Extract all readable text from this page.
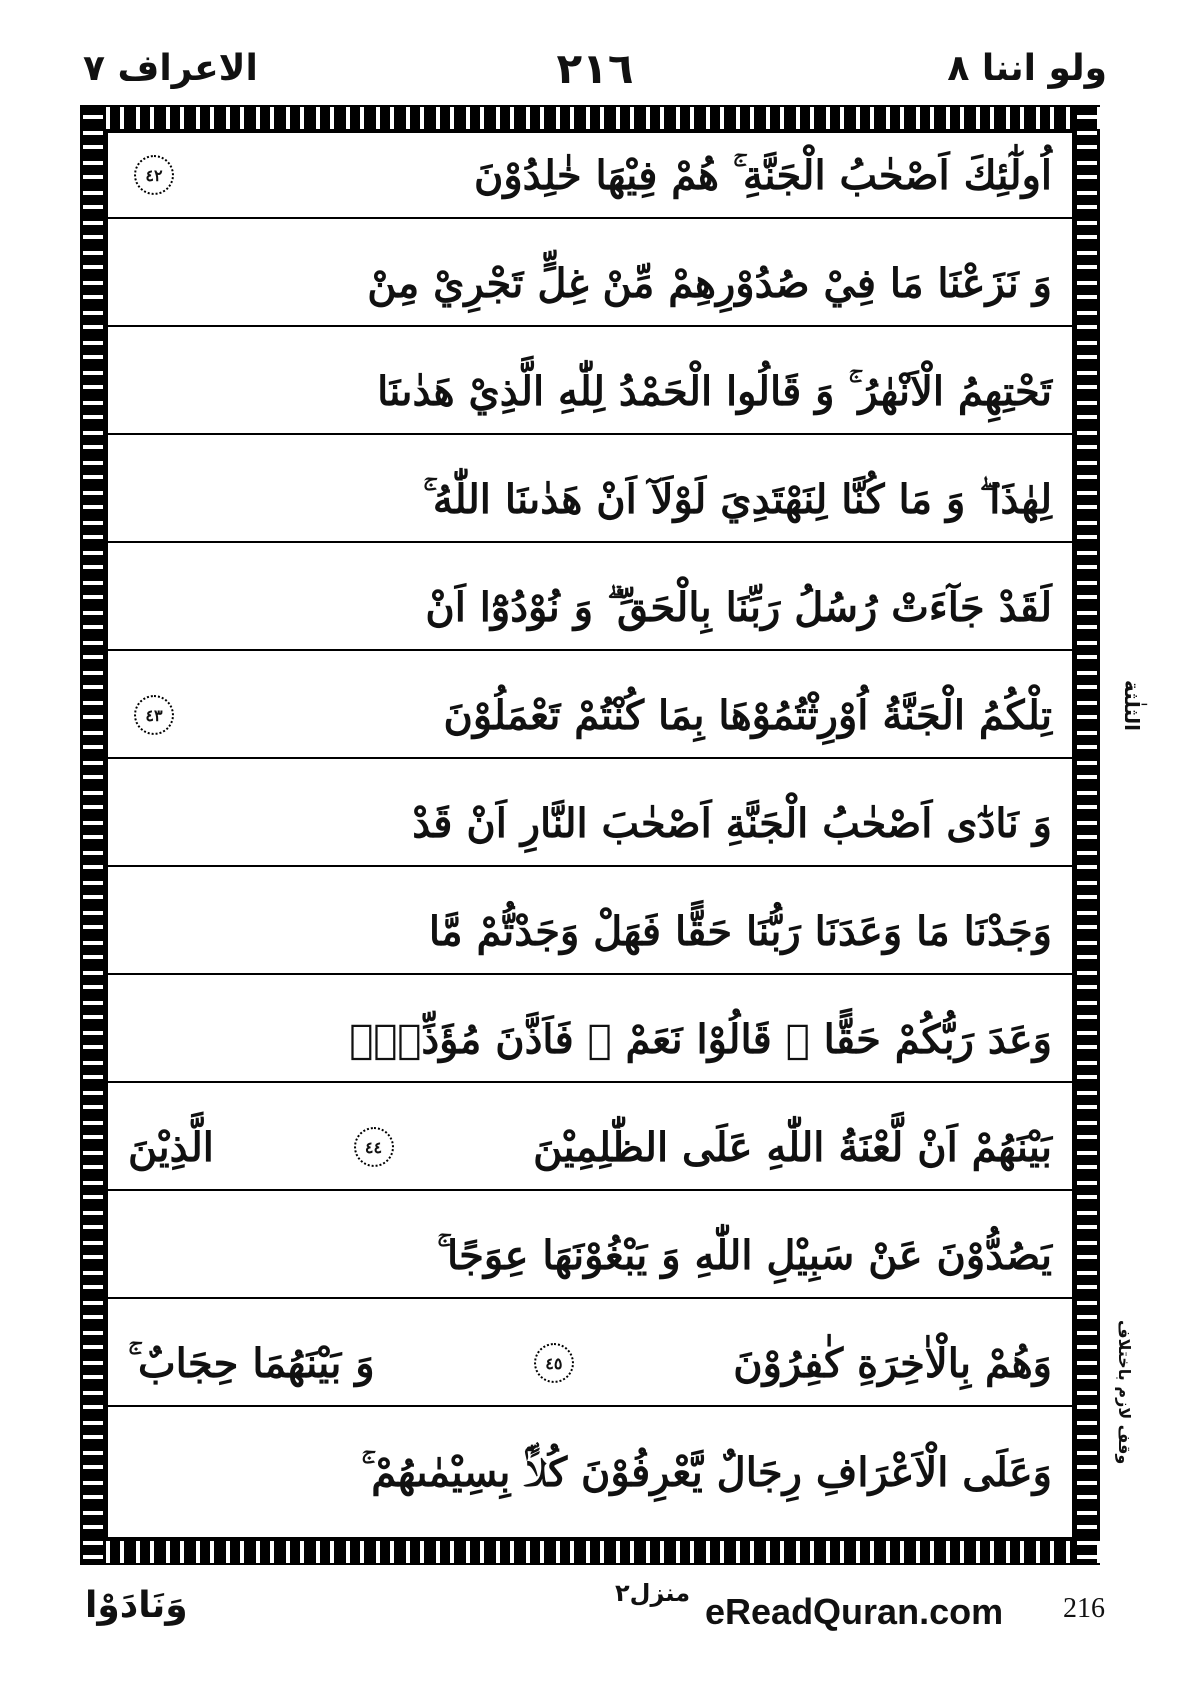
الاعراف ٧	٢١٦	ولو اننا ٨
اُولٰٓئِكَ اَصْحٰبُ الْجَنَّةِ ۚ هُمْ فِيْهَا خٰلِدُوْنَ
٤٢
وَ نَزَعْنَا مَا فِيْ صُدُوْرِهِمْ مِّنْ غِلٍّ تَجْرِيْ مِنْ
تَحْتِهِمُ الْاَنْهٰرُ ۚ وَ قَالُوا الْحَمْدُ لِلّٰهِ الَّذِيْ هَدٰىنَا
لِهٰذَا ۖ وَ مَا كُنَّا لِنَهْتَدِيَ لَوْلَآ اَنْ هَدٰىنَا اللّٰهُ ۚ
لَقَدْ جَآءَتْ رُسُلُ رَبِّنَا بِالْحَقِّ ۗ وَ نُوْدُوْٓا اَنْ
تِلْكُمُ الْجَنَّةُ اُوْرِثْتُمُوْهَا بِمَا كُنْتُمْ تَعْمَلُوْنَ
٤٣
وَ نَادٰٓى اَصْحٰبُ الْجَنَّةِ اَصْحٰبَ النَّارِ اَنْ قَدْ
وَجَدْنَا مَا وَعَدَنَا رَبُّنَا حَقًّا فَهَلْ وَجَدْتُّمْ مَّا
وَعَدَ رَبُّكُمْ حَقًّا ۗ قَالُوْا نَعَمْ ۚ فَاَذَّنَ مُؤَذِّنٌۢ
بَيْنَهُمْ اَنْ لَّعْنَةُ اللّٰهِ عَلَى الظّٰلِمِيْنَ
٤٤
الَّذِيْنَ
يَصُدُّوْنَ عَنْ سَبِيْلِ اللّٰهِ وَ يَبْغُوْنَهَا عِوَجًا ۚ
وَهُمْ بِالْاٰخِرَةِ كٰفِرُوْنَ
٤٥
وَ بَيْنَهُمَا حِجَابٌ ۚ
وَعَلَى الْاَعْرَافِ رِجَالٌ يَّعْرِفُوْنَ كُلًّاۢ بِسِيْمٰىهُمْ ۚ
الثلٰثة
وقف لازم باختلاف
وَنَادَوْا	منزل٢ eReadQuran.com 216
